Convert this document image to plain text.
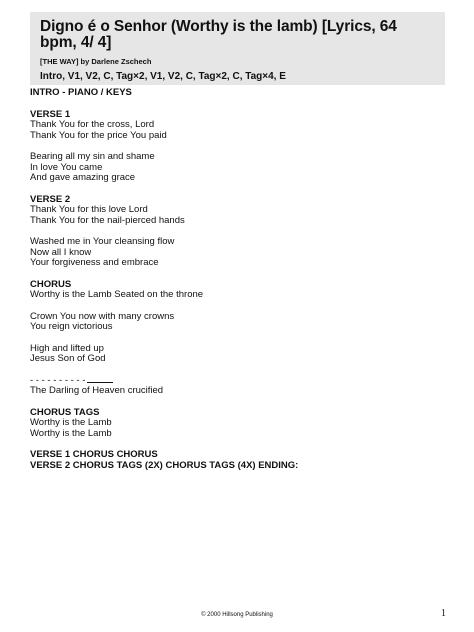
Digno é o Senhor (Worthy is the lamb) [Lyrics, 64 bpm, 4/ 4]
[THE WAY] by Darlene Zschech
Intro, V1, V2, C, Tag×2, V1, V2, C, Tag×2, C, Tag×4, E
INTRO - PIANO / KEYS
VERSE 1
Thank You for the cross, Lord
Thank You for the price You paid
Bearing all my sin and shame
In love You came
And gave amazing grace
VERSE 2
Thank You for this love Lord
Thank You for the nail-pierced hands
Washed me in Your cleansing flow
Now all I know
Your forgiveness and embrace
CHORUS
Worthy is the Lamb Seated on the throne
Crown You now with many crowns
You reign victorious
High and lifted up
Jesus Son of God
- - - - - - - - - -
The Darling of Heaven crucified
CHORUS TAGS
Worthy is the Lamb
Worthy is the Lamb
VERSE 1 CHORUS CHORUS
VERSE 2 CHORUS TAGS (2X) CHORUS TAGS (4X) ENDING:
© 2000 Hillsong Publishing	1
